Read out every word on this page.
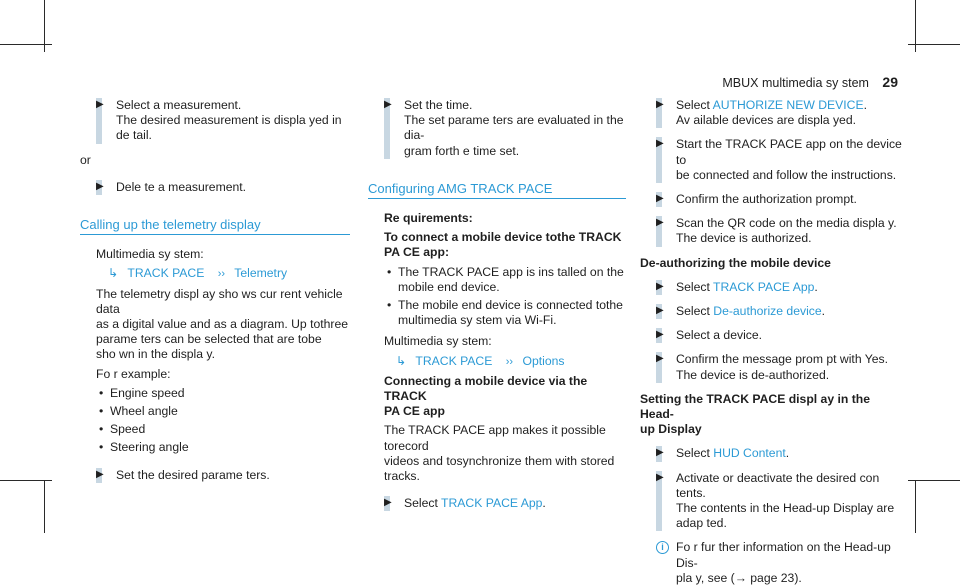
MBUX multimedia sy stem 29
▶ Select a measurement.
The desired measurement is displa yed in
de tail.
or
▶ Dele te a measurement.
Calling up the telemetry display
Multimedia sy stem:
↳ TRACK PACE ›› Telemetry
The telemetry displ ay sho ws cur rent vehicle data
as a digital value and as a diagram. Up tothree
parame ters can be selected that are tobe
sho wn in the displa y.
Fo r example:
• Engine speed
• Wheel angle
• Speed
• Steering angle
▶ Set the desired parame ters.
▶ Set the time.
The set parame ters are evaluated in the dia‐
gram forth e time set.
Configuring AMG TRACK PACE
Re quirements:
To connect a mobile device tothe TRACK
PA CE app:
• The TRACK PACE app is ins talled on the
mobile end device.
• The mobile end device is connected tothe
multimedia sy stem via Wi-Fi.
Multimedia sy stem:
↳ TRACK PACE ›› Options
Connecting a mobile device via the TRACK
PA CE app
The TRACK PACE app makes it possible torecord
videos and tosynchronize them with stored
tracks.
▶ Select TRACK PACE App.
▶ Select AUTHORIZE NEW DEVICE.
Av ailable devices are displa yed.
▶ Start the TRACK PACE app on the device to
be connected and follow the instructions.
▶ Confirm the authorization prompt.
▶ Scan the QR code on the media displa y.
The device is authorized.
De-authorizing the mobile device
▶ Select TRACK PACE App.
▶ Select De-authorize device.
▶ Select a device.
▶ Confirm the message prom pt with Yes.
The device is de-authorized.
Setting the TRACK PACE displ ay in the Head-
up Display
▶ Select HUD Content.
▶ Activate or deactivate the desired con tents.
The contents in the Head-up Display are
adap ted.
i	Fo r fur ther information on the Head-up Dis‐
pla y, see (→ page 23).
